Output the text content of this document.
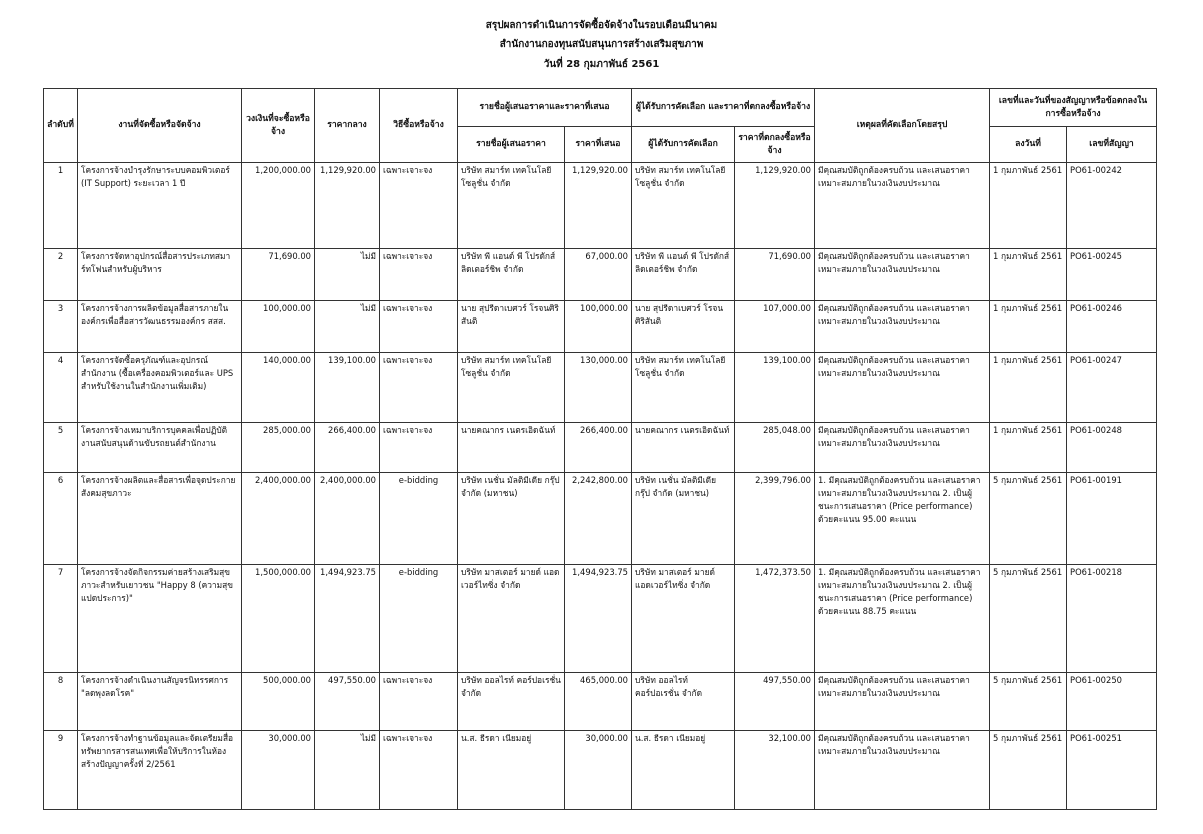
สรุปผลการดำเนินการจัดซื้อจัดจ้างในรอบเดือนมีนาคม
สำนักงานกองทุนสนับสนุนการสร้างเสริมสุขภาพ
วันที่ 28 กุมภาพันธ์ 2561
ลำดับที่	งานที่จัดซื้อหรือจัดจ้าง	วงเงินที่จะซื้อหรือจ้าง	ราคากลาง	วิธีซื้อหรือจ้าง	รายชื่อผู้เสนอราคาและราคาที่เสนอ		ผู้ได้รับการคัดเลือก และราคาที่ตกลงซื้อหรือจ้าง		เหตุผลที่คัดเลือกโดยสรุป	เลขที่และวันที่ของสัญญาหรือข้อตกลงในการซื้อหรือจ้าง	
					รายชื่อผู้เสนอราคา	ราคาที่เสนอ	ผู้ได้รับการคัดเลือก	ราคาที่ตกลงซื้อหรือจ้าง		ลงวันที่	เลขที่สัญญา
1	โครงการจ้างบำรุงรักษาระบบคอมพิวเตอร์ (IT Support) ระยะเวลา 1 ปี	1,200,000.00	1,129,920.00	เฉพาะเจาะจง	บริษัท สมาร์ท เทคโนโลยี โซลูชั่น จำกัด	1,129,920.00	บริษัท สมาร์ท เทคโนโลยี โซลูชั่น จำกัด	1,129,920.00	มีคุณสมบัติถูกต้องครบถ้วน และเสนอราคาเหมาะสมภายในวงเงินงบประมาณ	1 กุมภาพันธ์ 2561	PO61-00242
2	โครงการจัดหาอุปกรณ์สื่อสารประเภทสมาร์ทโฟนสำหรับผู้บริหาร	71,690.00	ไม่มี	เฉพาะเจาะจง	บริษัท พี แอนด์ พี โปรดักส์ ลิดเตอร์ชิพ จำกัด	67,000.00	บริษัท พี แอนด์ พี โปรดักส์ ลิดเตอร์ชิพ จำกัด	71,690.00	มีคุณสมบัติถูกต้องครบถ้วน และเสนอราคาเหมาะสมภายในวงเงินงบประมาณ	1 กุมภาพันธ์ 2561	PO61-00245
3	โครงการจ้างการผลิตข้อมูลสื่อสารภายในองค์กรเพื่อสื่อสารวัฒนธรรมองค์กร สสส.	100,000.00	ไม่มี	เฉพาะเจาะจง	นาย สุปรีดาเบศวร์ โรจนศิริสันติ	100,000.00	นาย สุปรีดาเบศวร์ โรจนศิริสันติ	107,000.00	มีคุณสมบัติถูกต้องครบถ้วน และเสนอราคาเหมาะสมภายในวงเงินงบประมาณ	1 กุมภาพันธ์ 2561	PO61-00246
4	โครงการจัดซื้อครุภัณฑ์และอุปกรณ์สำนักงาน (ซื้อเครื่องคอมพิวเตอร์และ UPS สำหรับใช้งานในสำนักงานเพิ่มเติม)	140,000.00	139,100.00	เฉพาะเจาะจง	บริษัท สมาร์ท เทคโนโลยี โซลูชั่น จำกัด	130,000.00	บริษัท สมาร์ท เทคโนโลยี โซลูชั่น จำกัด	139,100.00	มีคุณสมบัติถูกต้องครบถ้วน และเสนอราคาเหมาะสมภายในวงเงินงบประมาณ	1 กุมภาพันธ์ 2561	PO61-00247
5	โครงการจ้างเหมาบริการบุคคลเพื่อปฏิบัติงานสนับสนุนด้านขับรถยนต์สำนักงาน	285,000.00	266,400.00	เฉพาะเจาะจง	นายคณากร เนตรเอิดฉันท์	266,400.00	นายคณากร เนตรเอิดฉันท์	285,048.00	มีคุณสมบัติถูกต้องครบถ้วน และเสนอราคาเหมาะสมภายในวงเงินงบประมาณ	1 กุมภาพันธ์ 2561	PO61-00248
6	โครงการจ้างผลิตและสื่อสารเพื่อจุดประกายสังคมสุขภาวะ	2,400,000.00	2,400,000.00	e-bidding	บริษัท เนชั่น มัลติมีเดีย กรุ๊ป จำกัด (มหาชน)	2,242,800.00	บริษัท เนชั่น มัลติมีเดีย กรุ๊ป จำกัด (มหาชน)	2,399,796.00	1. มีคุณสมบัติถูกต้องครบถ้วน และเสนอราคาเหมาะสมภายในวงเงินงบประมาณ 2. เป็นผู้ชนะการเสนอราคา (Price performance) ด้วยคะแนน 95.00 คะแนน	5 กุมภาพันธ์ 2561	PO61-00191
7	โครงการจ้างจัดกิจกรรมค่ายสร้างเสริมสุขภาวะสำหรับเยาวชน "Happy 8 (ความสุขแปดประการ)"	1,500,000.00	1,494,923.75	e-bidding	บริษัท มาสเตอร์ มายด์ แอดเวอร์ไทซิ่ง จำกัด	1,494,923.75	บริษัท มาสเตอร์ มายด์ แอดเวอร์ไทซิ่ง จำกัด	1,472,373.50	1. มีคุณสมบัติถูกต้องครบถ้วน และเสนอราคาเหมาะสมภายในวงเงินงบประมาณ 2. เป็นผู้ชนะการเสนอราคา (Price performance) ด้วยคะแนน 88.75 คะแนน	5 กุมภาพันธ์ 2561	PO61-00218
8	โครงการจ้างดำเนินงานสัญจรนิทรรศการ "ลดพุงลดโรค"	500,000.00	497,550.00	เฉพาะเจาะจง	บริษัท ออลไรท์ คอร์ปอเรชั่น จำกัด	465,000.00	บริษัท ออลไรท์ คอร์ปอเรชั่น จำกัด	497,550.00	มีคุณสมบัติถูกต้องครบถ้วน และเสนอราคาเหมาะสมภายในวงเงินงบประมาณ	5 กุมภาพันธ์ 2561	PO61-00250
9	โครงการจ้างทำฐานข้อมูลและจัดเตรียมสื่อทรัพยากรสารสนเทศเพื่อให้บริการในห้องสร้างปัญญาครั้งที่ 2/2561	30,000.00	ไม่มี	เฉพาะเจาะจง	น.ส. ธีรดา เนียมอยู่	30,000.00	น.ส. ธีรดา เนียมอยู่	32,100.00	มีคุณสมบัติถูกต้องครบถ้วน และเสนอราคาเหมาะสมภายในวงเงินงบประมาณ	5 กุมภาพันธ์ 2561	PO61-00251
